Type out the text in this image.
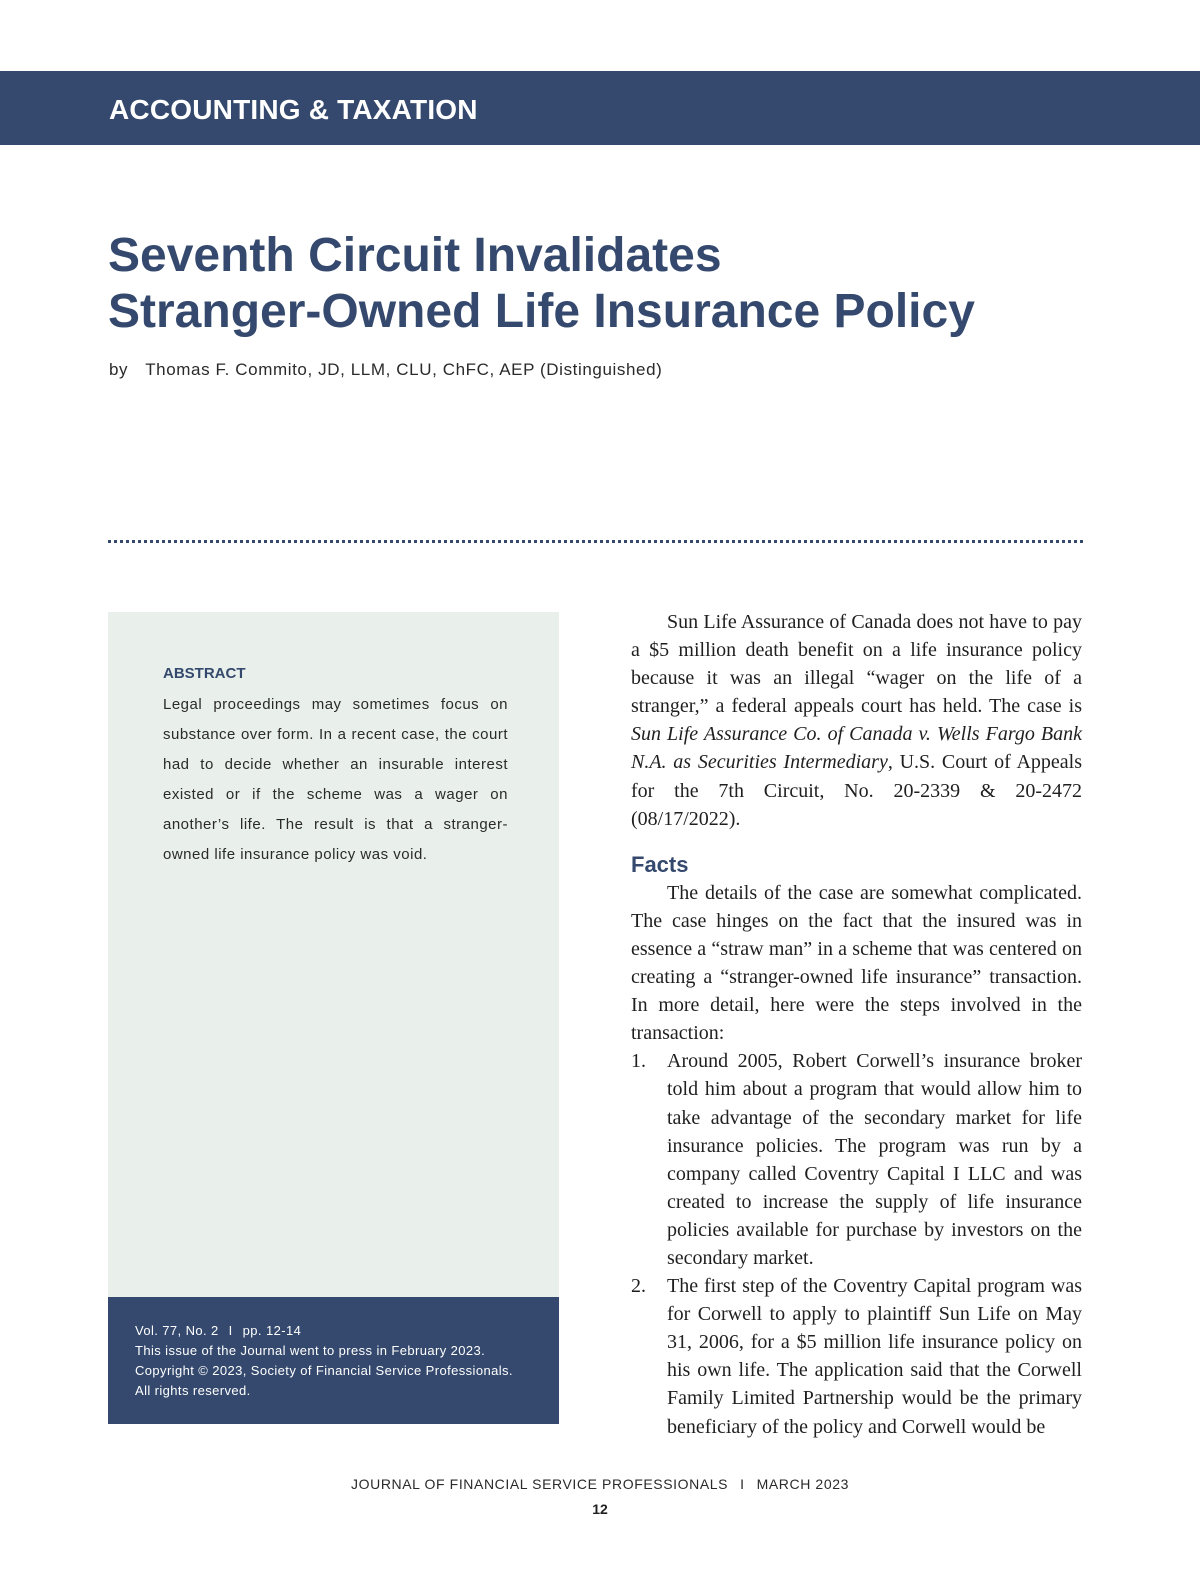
ACCOUNTING & TAXATION
Seventh Circuit Invalidates
Stranger-Owned Life Insurance Policy
by Thomas F. Commito, JD, LLM, CLU, ChFC, AEP (Distinguished)
ABSTRACT
Legal proceedings may sometimes focus on substance over form. In a recent case, the court had to decide whether an insurable interest existed or if the scheme was a wager on another’s life. The result is that a stranger-owned life insurance policy was void.
Vol. 77, No. 2 I pp. 12-14
This issue of the Journal went to press in February 2023.
Copyright © 2023, Society of Financial Service Professionals.
All rights reserved.

Sun Life Assurance of Canada does not have to pay a $5 million death benefit on a life insurance policy because it was an illegal “wager on the life of a stranger,” a federal appeals court has held. The case is Sun Life Assurance Co. of Canada v. Wells Fargo Bank N.A. as Securities Intermediary, U.S. Court of Appeals for the 7th Circuit, No. 20-2339 & 20-2472 (08/17/2022).

Facts

The details of the case are somewhat complicated. The case hinges on the fact that the insured was in essence a “straw man” in a scheme that was centered on creating a “stranger-owned life insurance” transaction. In more detail, here were the steps involved in the transaction:

1. Around 2005, Robert Corwell’s insurance broker told him about a program that would allow him to take advantage of the secondary market for life insurance policies. The program was run by a company called Coventry Capital I LLC and was created to increase the supply of life insurance policies available for purchase by investors on the secondary market.
2. The first step of the Coventry Capital program was for Corwell to apply to plaintiff Sun Life on May 31, 2006, for a $5 million life insurance policy on his own life. The application said that the Corwell Family Limited Partnership would be the primary beneficiary of the policy and Corwell would be
JOURNAL OF FINANCIAL SERVICE PROFESSIONALS I MARCH 2023
12
